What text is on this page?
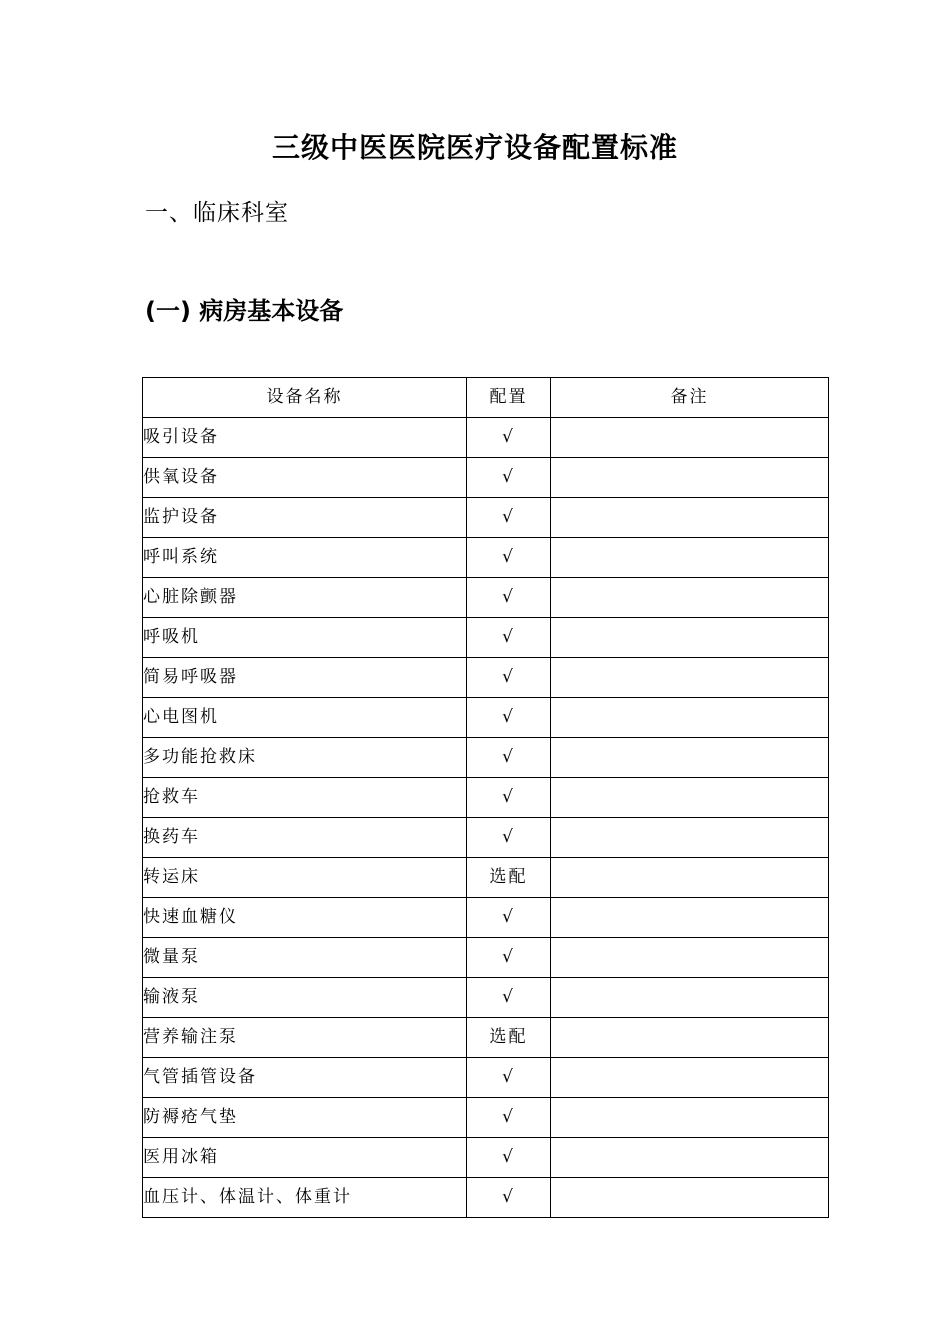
三级中医医院医疗设备配置标准
一、临床科室
(一) 病房基本设备
设备名称	配置	备注
吸引设备	√	
供氧设备	√	
监护设备	√	
呼叫系统	√	
心脏除颤器	√	
呼吸机	√	
简易呼吸器	√	
心电图机	√	
多功能抢救床	√	
抢救车	√	
换药车	√	
转运床	选配	
快速血糖仪	√	
微量泵	√	
输液泵	√	
营养输注泵	选配	
气管插管设备	√	
防褥疮气垫	√	
医用冰箱	√	
血压计、体温计、体重计	√	
